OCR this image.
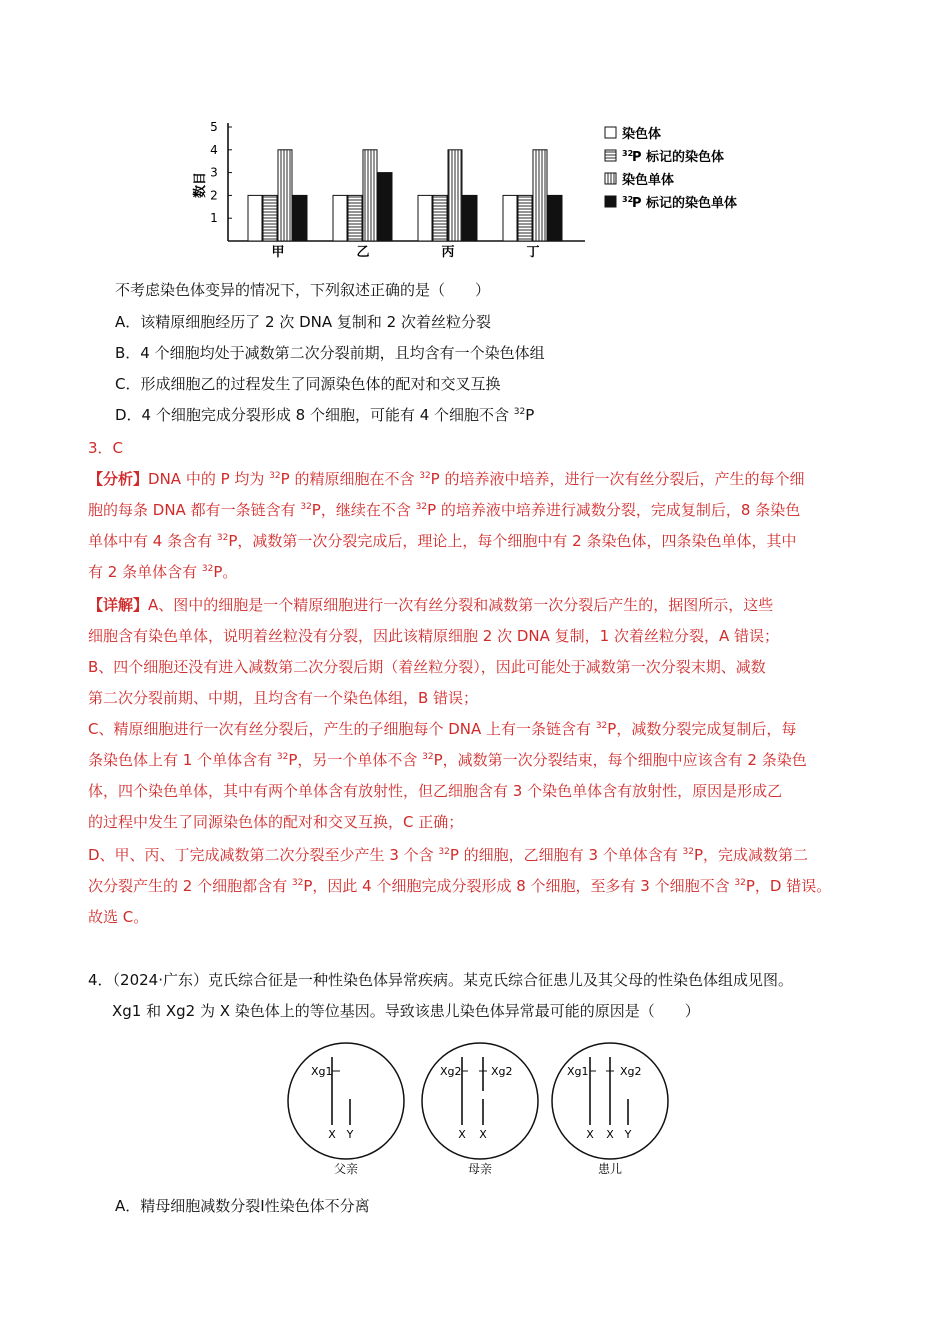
1
2
3
4
5
甲	乙	丙	丁
染色体
32
P 标记的染色体
染色单体
32
P 标记的染色单体
数目
不考虑染色体变异的情况下，下列叙述正确的是（　　）
A．该精原细胞经历了 2 次 DNA 复制和 2 次着丝粒分裂
B．4 个细胞均处于减数第二次分裂前期，且均含有一个染色体组
C．形成细胞乙的过程发生了同源染色体的配对和交叉互换
D．4 个细胞完成分裂形成 8 个细胞，可能有 4 个细胞不含 $^{32}$P
3．C
【分析】DNA 中的 P 均为 $^{32}$P 的精原细胞在不含 $^{32}$P 的培养液中培养，进行一次有丝分裂后，产生的每个细
胞的每条 DNA 都有一条链含有 $^{32}$P，继续在不含 $^{32}$P 的培养液中培养进行减数分裂，完成复制后，8 条染色
单体中有 4 条含有 $^{32}$P，减数第一次分裂完成后，理论上，每个细胞中有 2 条染色体，四条染色单体，其中
有 2 条单体含有 $^{32}$P。
【详解】A、图中的细胞是一个精原细胞进行一次有丝分裂和减数第一次分裂后产生的，据图所示，这些
细胞含有染色单体，说明着丝粒没有分裂，因此该精原细胞 2 次 DNA 复制，1 次着丝粒分裂，A 错误；
B、四个细胞还没有进入减数第二次分裂后期（着丝粒分裂），因此可能处于减数第一次分裂末期、减数
第二次分裂前期、中期，且均含有一个染色体组，B 错误；
C、精原细胞进行一次有丝分裂后，产生的子细胞每个 DNA 上有一条链含有 $^{32}$P，减数分裂完成复制后，每
条染色体上有 1 个单体含有 $^{32}$P，另一个单体不含 $^{32}$P，减数第一次分裂结束，每个细胞中应该含有 2 条染色
体，四个染色单体，其中有两个单体含有放射性，但乙细胞含有 3 个染色单体含有放射性，原因是形成乙
的过程中发生了同源染色体的配对和交叉互换，C 正确；
D、甲、丙、丁完成减数第二次分裂至少产生 3 个含 $^{32}$P 的细胞，乙细胞有 3 个单体含有 $^{32}$P，完成减数第二
次分裂产生的 2 个细胞都含有 $^{32}$P，因此 4 个细胞完成分裂形成 8 个细胞，至多有 3 个细胞不含 $^{32}$P，D 错误。
故选 C。
4．（2024·广东）克氏综合征是一种性染色体异常疾病。某克氏综合征患儿及其父母的性染色体组成见图。
Xg1 和 Xg2 为 X 染色体上的等位基因。导致该患儿染色体异常最可能的原因是（　　）
Xg1
X Y
父亲
Xg2	Xg2
X X
母亲
Xg1	Xg2
X X Y
患儿
A．精母细胞减数分裂Ⅰ性染色体不分离
